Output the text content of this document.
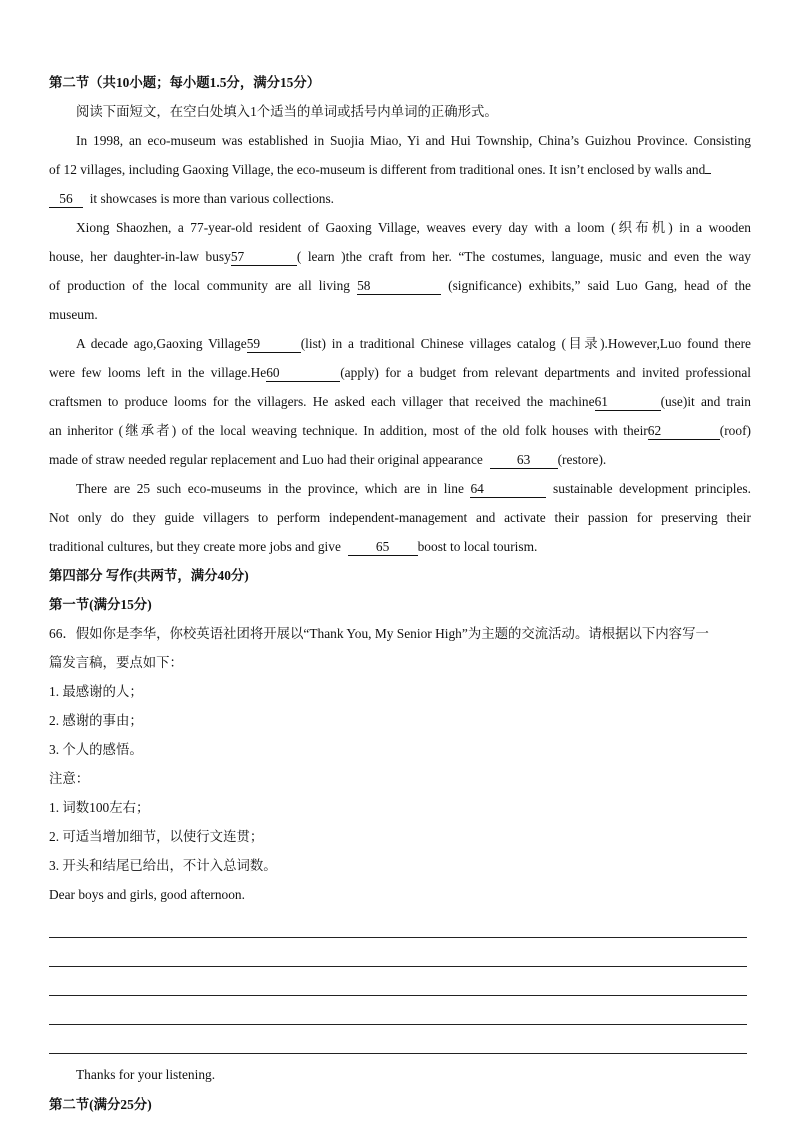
第二节（共10小题；每小题1.5分，满分15分）
阅读下面短文，在空白处填入1个适当的单词或括号内单词的正确形式。
In 1998, an eco-museum was established in Suojia Miao, Yi and Hui Township, China’s Guizhou Province. Consisting
of 12 villages, including Gaoxing Village, the eco-museum is different from traditional ones. It isn’t enclosed by walls and
56 it showcases is more than various collections.
Xiong Shaozhen, a 77-year-old resident of Gaoxing Village, weaves every day with a loom (织布机) in a wooden
house, her daughter-in-law busy57	( learn )the craft from her. “The costumes, language, music and even the way
of production of the local community are all living 58	(significance) exhibits,” said Luo Gang, head of the
museum.
A decade ago,Gaoxing Village59	(list) in a traditional Chinese villages catalog (目录).However,Luo found there
were few looms left in the village.He60	(apply) for a budget from relevant departments and invited professional
craftsmen to produce looms for the villagers. He asked each villager that received the machine61	(use)it and train
an inheritor (继承者) of the local weaving technique. In addition, most of the old folk houses with their62	(roof)
made of straw needed regular replacement and Luo had their original appearance	63 (restore).
There are 25 such eco-museums in the province, which are in line 64	sustainable development principles.
Not only do they guide villagers to perform independent-management and activate their passion for preserving their
traditional cultures, but they create more jobs and give	65 boost to local tourism.
第四部分 写作(共两节，满分40分)
第一节(满分15分)
66．假如你是李华，你校英语社团将开展以“Thank You, My Senior High”为主题的交流活动。请根据以下内容写一
篇发言稿，要点如下：
1. 最感谢的人；
2. 感谢的事由；
3. 个人的感悟。
注意：
1. 词数100左右；
2. 可适当增加细节，以使行文连贯；
3. 开头和结尾已给出，不计入总词数。
Dear boys and girls, good afternoon.
Thanks for your listening.
第二节(满分25分)
